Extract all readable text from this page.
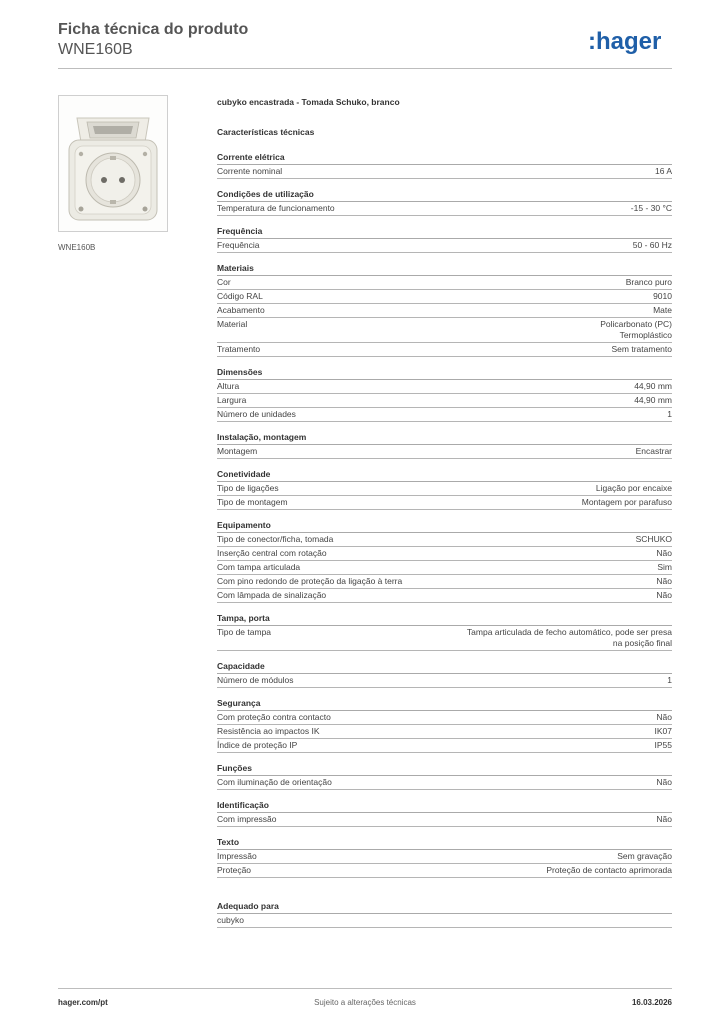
Ficha técnica do produto
WNE160B	:hager
WNE160B
cubyko encastrada - Tomada Schuko, branco
Características técnicas
Corrente elétrica
Corrente nominal	16 A
Condições de utilização
Temperatura de funcionamento	-15 - 30 °C
Frequência
Frequência	50 - 60 Hz
Materiais
Cor	Branco puro
Código RAL	9010
Acabamento	Mate
Material	Policarbonato (PC)
Termoplástico
Tratamento	Sem tratamento
Dimensões
Altura	44,90 mm
Largura	44,90 mm
Número de unidades	1
Instalação, montagem
Montagem	Encastrar
Conetividade
Tipo de ligações	Ligação por encaixe
Tipo de montagem	Montagem por parafuso
Equipamento
Tipo de conector/ficha, tomada	SCHUKO
Inserção central com rotação	Não
Com tampa articulada	Sim
Com pino redondo de proteção da ligação à terra	Não
Com lâmpada de sinalização	Não
Tampa, porta
Tipo de tampa	Tampa articulada de fecho automático, pode ser presa
na posição final
Capacidade
Número de módulos	1
Segurança
Com proteção contra contacto	Não
Resistência ao impactos IK	IK07
Índice de proteção IP	IP55
Funções
Com iluminação de orientação	Não
Identificação
Com impressão	Não
Texto
Impressão	Sem gravação
Proteção	Proteção de contacto aprimorada
Adequado para
cubyko
hager.com/pt	Sujeito a alterações técnicas	16.03.2026
